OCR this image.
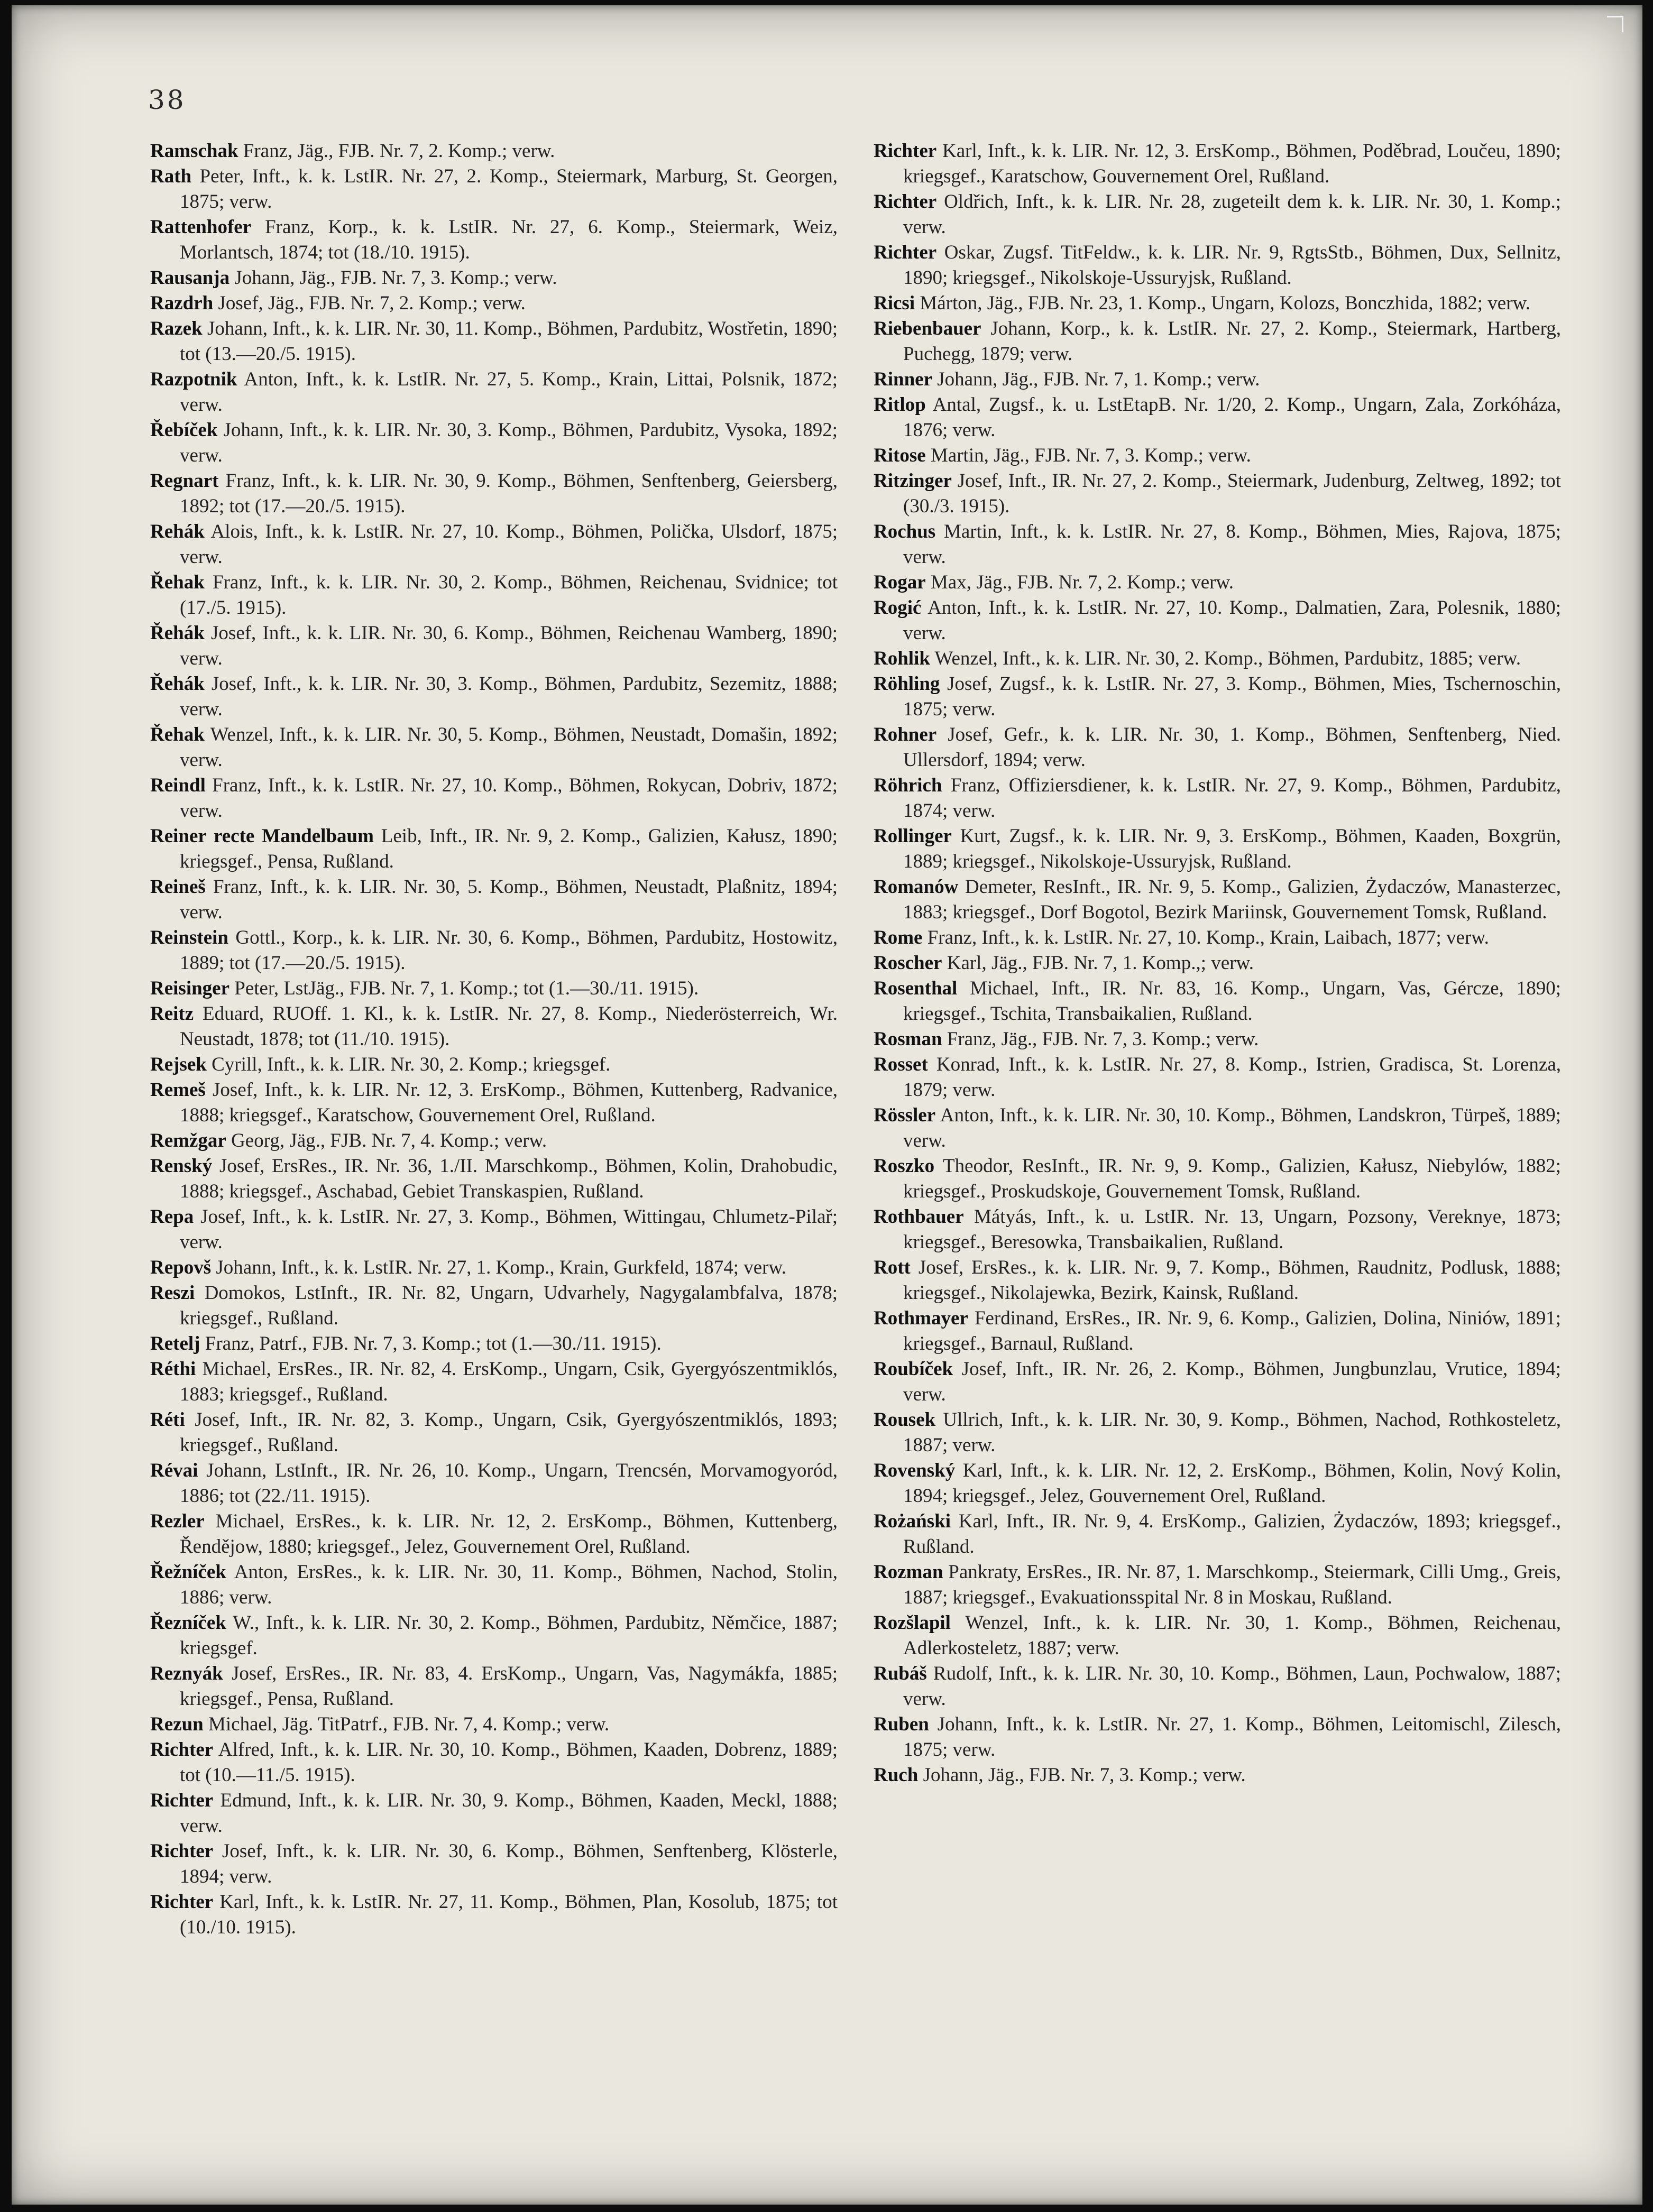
38
Ramschak Franz, Jäg., FJB. Nr. 7, 2. Komp.; verw.
Rath Peter, Inft., k. k. LstIR. Nr. 27, 2. Komp., Steiermark, Marburg, St. Georgen, 1875; verw.
Rattenhofer Franz, Korp., k. k. LstIR. Nr. 27, 6. Komp., Steiermark, Weiz, Morlantsch, 1874; tot (18./10. 1915).
Rausanja Johann, Jäg., FJB. Nr. 7, 3. Komp.; verw.
Razdrh Josef, Jäg., FJB. Nr. 7, 2. Komp.; verw.
Razek Johann, Inft., k. k. LIR. Nr. 30, 11. Komp., Böhmen, Pardubitz, Wostřetin, 1890; tot (13.—20./5. 1915).
Razpotnik Anton, Inft., k. k. LstIR. Nr. 27, 5. Komp., Krain, Littai, Polsnik, 1872; verw.
Řebíček Johann, Inft., k. k. LIR. Nr. 30, 3. Komp., Böhmen, Pardubitz, Vysoka, 1892; verw.
Regnart Franz, Inft., k. k. LIR. Nr. 30, 9. Komp., Böhmen, Senftenberg, Geiersberg, 1892; tot (17.—20./5. 1915).
Rehák Alois, Inft., k. k. LstIR. Nr. 27, 10. Komp., Böhmen, Polička, Ulsdorf, 1875; verw.
Řehak Franz, Inft., k. k. LIR. Nr. 30, 2. Komp., Böhmen, Reichenau, Svidnice; tot (17./5. 1915).
Řehák Josef, Inft., k. k. LIR. Nr. 30, 6. Komp., Böhmen, Reichenau Wamberg, 1890; verw.
Řehák Josef, Inft., k. k. LIR. Nr. 30, 3. Komp., Böhmen, Pardubitz, Sezemitz, 1888; verw.
Řehak Wenzel, Inft., k. k. LIR. Nr. 30, 5. Komp., Böhmen, Neustadt, Domašin, 1892; verw.
Reindl Franz, Inft., k. k. LstIR. Nr. 27, 10. Komp., Böhmen, Rokycan, Dobriv, 1872; verw.
Reiner recte Mandelbaum Leib, Inft., IR. Nr. 9, 2. Komp., Galizien, Kałusz, 1890; kriegsgef., Pensa, Rußland.
Reineš Franz, Inft., k. k. LIR. Nr. 30, 5. Komp., Böhmen, Neustadt, Plaßnitz, 1894; verw.
Reinstein Gottl., Korp., k. k. LIR. Nr. 30, 6. Komp., Böhmen, Pardubitz, Hostowitz, 1889; tot (17.—20./5. 1915).
Reisinger Peter, LstJäg., FJB. Nr. 7, 1. Komp.; tot (1.—30./11. 1915).
Reitz Eduard, RUOff. 1. Kl., k. k. LstIR. Nr. 27, 8. Komp., Niederösterreich, Wr. Neustadt, 1878; tot (11./10. 1915).
Rejsek Cyrill, Inft., k. k. LIR. Nr. 30, 2. Komp.; kriegsgef.
Remeš Josef, Inft., k. k. LIR. Nr. 12, 3. ErsKomp., Böhmen, Kuttenberg, Radvanice, 1888; kriegsgef., Karatschow, Gouvernement Orel, Rußland.
Remžgar Georg, Jäg., FJB. Nr. 7, 4. Komp.; verw.
Renský Josef, ErsRes., IR. Nr. 36, 1./II. Marschkomp., Böhmen, Kolin, Drahobudic, 1888; kriegsgef., Aschabad, Gebiet Transkaspien, Rußland.
Repa Josef, Inft., k. k. LstIR. Nr. 27, 3. Komp., Böhmen, Wittingau, Chlumetz-Pilař; verw.
Repovš Johann, Inft., k. k. LstIR. Nr. 27, 1. Komp., Krain, Gurkfeld, 1874; verw.
Reszi Domokos, LstInft., IR. Nr. 82, Ungarn, Udvarhely, Nagygalambfalva, 1878; kriegsgef., Rußland.
Retelj Franz, Patrf., FJB. Nr. 7, 3. Komp.; tot (1.—30./11. 1915).
Réthi Michael, ErsRes., IR. Nr. 82, 4. ErsKomp., Ungarn, Csik, Gyergyószentmiklós, 1883; kriegsgef., Rußland.
Réti Josef, Inft., IR. Nr. 82, 3. Komp., Ungarn, Csik, Gyergyószentmiklós, 1893; kriegsgef., Rußland.
Révai Johann, LstInft., IR. Nr. 26, 10. Komp., Ungarn, Trencsén, Morvamogyoród, 1886; tot (22./11. 1915).
Rezler Michael, ErsRes., k. k. LIR. Nr. 12, 2. ErsKomp., Böhmen, Kuttenberg, Řendějow, 1880; kriegsgef., Jelez, Gouvernement Orel, Rußland.
Řežníček Anton, ErsRes., k. k. LIR. Nr. 30, 11. Komp., Böhmen, Nachod, Stolin, 1886; verw.
Řezníček W., Inft., k. k. LIR. Nr. 30, 2. Komp., Böhmen, Pardubitz, Němčice, 1887; kriegsgef.
Reznyák Josef, ErsRes., IR. Nr. 83, 4. ErsKomp., Ungarn, Vas, Nagymákfa, 1885; kriegsgef., Pensa, Rußland.
Rezun Michael, Jäg. TitPatrf., FJB. Nr. 7, 4. Komp.; verw.
Richter Alfred, Inft., k. k. LIR. Nr. 30, 10. Komp., Böhmen, Kaaden, Dobrenz, 1889; tot (10.—11./5. 1915).
Richter Edmund, Inft., k. k. LIR. Nr. 30, 9. Komp., Böhmen, Kaaden, Meckl, 1888; verw.
Richter Josef, Inft., k. k. LIR. Nr. 30, 6. Komp., Böhmen, Senftenberg, Klösterle, 1894; verw.
Richter Karl, Inft., k. k. LstIR. Nr. 27, 11. Komp., Böhmen, Plan, Kosolub, 1875; tot (10./10. 1915).
Richter Karl, Inft., k. k. LIR. Nr. 12, 3. ErsKomp., Böhmen, Poděbrad, Loučeu, 1890; kriegsgef., Karatschow, Gouvernement Orel, Rußland.
Richter Oldřich, Inft., k. k. LIR. Nr. 28, zugeteilt dem k. k. LIR. Nr. 30, 1. Komp.; verw.
Richter Oskar, Zugsf. TitFeldw., k. k. LIR. Nr. 9, RgtsStb., Böhmen, Dux, Sellnitz, 1890; kriegsgef., Nikolskoje-Ussuryjsk, Rußland.
Ricsi Márton, Jäg., FJB. Nr. 23, 1. Komp., Ungarn, Kolozs, Bonczhida, 1882; verw.
Riebenbauer Johann, Korp., k. k. LstIR. Nr. 27, 2. Komp., Steiermark, Hartberg, Puchegg, 1879; verw.
Rinner Johann, Jäg., FJB. Nr. 7, 1. Komp.; verw.
Ritlop Antal, Zugsf., k. u. LstEtapB. Nr. 1/20, 2. Komp., Ungarn, Zala, Zorkóháza, 1876; verw.
Ritose Martin, Jäg., FJB. Nr. 7, 3. Komp.; verw.
Ritzinger Josef, Inft., IR. Nr. 27, 2. Komp., Steiermark, Judenburg, Zeltweg, 1892; tot (30./3. 1915).
Rochus Martin, Inft., k. k. LstIR. Nr. 27, 8. Komp., Böhmen, Mies, Rajova, 1875; verw.
Rogar Max, Jäg., FJB. Nr. 7, 2. Komp.; verw.
Rogić Anton, Inft., k. k. LstIR. Nr. 27, 10. Komp., Dalmatien, Zara, Polesnik, 1880; verw.
Rohlik Wenzel, Inft., k. k. LIR. Nr. 30, 2. Komp., Böhmen, Pardubitz, 1885; verw.
Röhling Josef, Zugsf., k. k. LstIR. Nr. 27, 3. Komp., Böhmen, Mies, Tschernoschin, 1875; verw.
Rohner Josef, Gefr., k. k. LIR. Nr. 30, 1. Komp., Böhmen, Senftenberg, Nied. Ullersdorf, 1894; verw.
Röhrich Franz, Offiziersdiener, k. k. LstIR. Nr. 27, 9. Komp., Böhmen, Pardubitz, 1874; verw.
Rollinger Kurt, Zugsf., k. k. LIR. Nr. 9, 3. ErsKomp., Böhmen, Kaaden, Boxgrün, 1889; kriegsgef., Nikolskoje-Ussuryjsk, Rußland.
Romanów Demeter, ResInft., IR. Nr. 9, 5. Komp., Galizien, Żydaczów, Manasterzec, 1883; kriegsgef., Dorf Bogotol, Bezirk Mariinsk, Gouvernement Tomsk, Rußland.
Rome Franz, Inft., k. k. LstIR. Nr. 27, 10. Komp., Krain, Laibach, 1877; verw.
Roscher Karl, Jäg., FJB. Nr. 7, 1. Komp.,; verw.
Rosenthal Michael, Inft., IR. Nr. 83, 16. Komp., Ungarn, Vas, Gércze, 1890; kriegsgef., Tschita, Transbaikalien, Rußland.
Rosman Franz, Jäg., FJB. Nr. 7, 3. Komp.; verw.
Rosset Konrad, Inft., k. k. LstIR. Nr. 27, 8. Komp., Istrien, Gradisca, St. Lorenza, 1879; verw.
Rössler Anton, Inft., k. k. LIR. Nr. 30, 10. Komp., Böhmen, Landskron, Türpeš, 1889; verw.
Roszko Theodor, ResInft., IR. Nr. 9, 9. Komp., Galizien, Kałusz, Niebylów, 1882; kriegsgef., Proskudskoje, Gouvernement Tomsk, Rußland.
Rothbauer Mátyás, Inft., k. u. LstIR. Nr. 13, Ungarn, Pozsony, Vereknye, 1873; kriegsgef., Beresowka, Transbaikalien, Rußland.
Rott Josef, ErsRes., k. k. LIR. Nr. 9, 7. Komp., Böhmen, Raudnitz, Podlusk, 1888; kriegsgef., Nikolajewka, Bezirk, Kainsk, Rußland.
Rothmayer Ferdinand, ErsRes., IR. Nr. 9, 6. Komp., Galizien, Dolina, Niniów, 1891; kriegsgef., Barnaul, Rußland.
Roubíček Josef, Inft., IR. Nr. 26, 2. Komp., Böhmen, Jungbunzlau, Vrutice, 1894; verw.
Rousek Ullrich, Inft., k. k. LIR. Nr. 30, 9. Komp., Böhmen, Nachod, Rothkosteletz, 1887; verw.
Rovenský Karl, Inft., k. k. LIR. Nr. 12, 2. ErsKomp., Böhmen, Kolin, Nový Kolin, 1894; kriegsgef., Jelez, Gouvernement Orel, Rußland.
Rożański Karl, Inft., IR. Nr. 9, 4. ErsKomp., Galizien, Żydaczów, 1893; kriegsgef., Rußland.
Rozman Pankraty, ErsRes., IR. Nr. 87, 1. Marschkomp., Steiermark, Cilli Umg., Greis, 1887; kriegsgef., Evakuationsspital Nr. 8 in Moskau, Rußland.
Rozšlapil Wenzel, Inft., k. k. LIR. Nr. 30, 1. Komp., Böhmen, Reichenau, Adlerkosteletz, 1887; verw.
Rubáš Rudolf, Inft., k. k. LIR. Nr. 30, 10. Komp., Böhmen, Laun, Pochwalow, 1887; verw.
Ruben Johann, Inft., k. k. LstIR. Nr. 27, 1. Komp., Böhmen, Leitomischl, Zilesch, 1875; verw.
Ruch Johann, Jäg., FJB. Nr. 7, 3. Komp.; verw.
